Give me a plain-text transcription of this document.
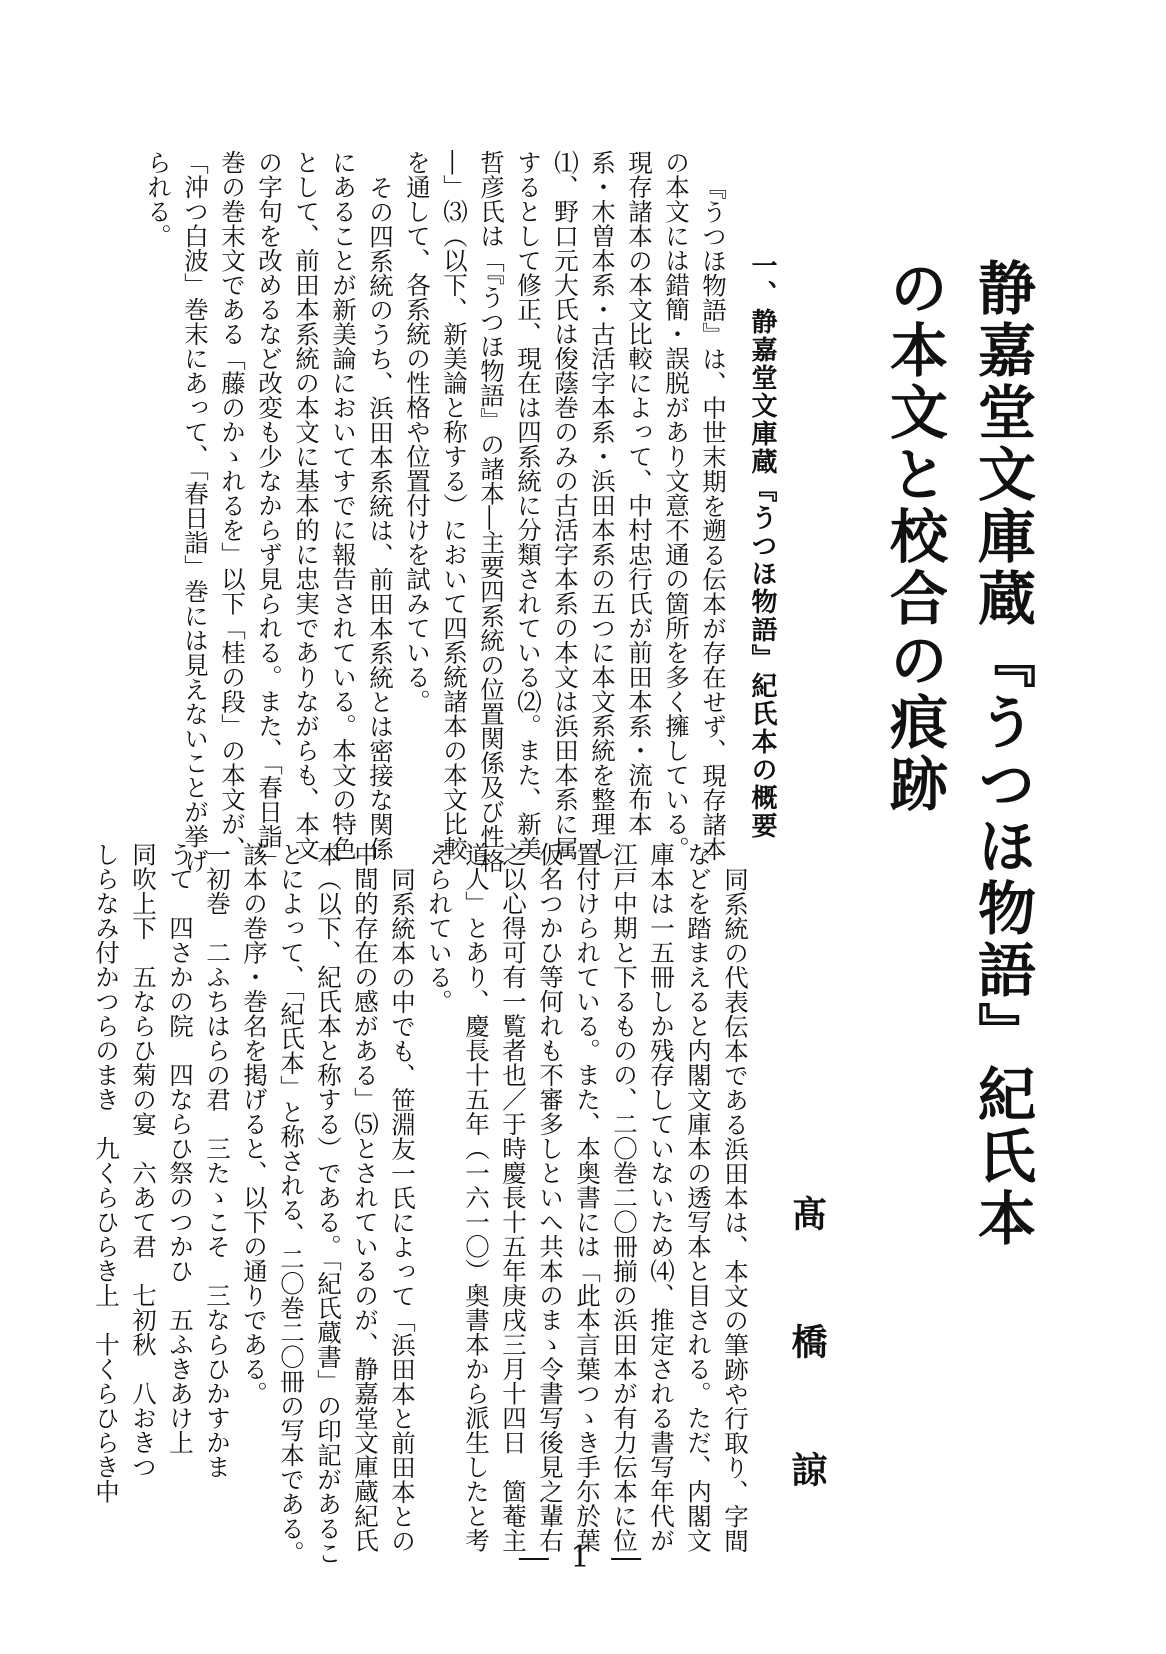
静嘉堂文庫蔵『うつほ物語』紀氏本の本文と校合の痕跡
髙　橋　諒
一、静嘉堂文庫蔵『うつほ物語』紀氏本の概要

『うつほ物語』は、中世末期を遡る伝本が存在せず、現存諸本の本文には錯簡・誤脱があり文意不通の箇所を多く擁している。現存諸本の本文比較によって、中村忠行氏が前田本系・流布本系・木曽本系・古活字本系・浜田本系の五つに本文系統を整理し⑴、野口元大氏は俊蔭巻のみの古活字本系の本文は浜田本系に属するとして修正、現在は四系統に分類されている⑵。また、新美哲彦氏は「『うつほ物語』の諸本―主要四系統の位置関係及び性格―」⑶（以下、新美論と称する）において四系統諸本の本文比較を通して、各系統の性格や位置付けを試みている。

その四系統のうち、浜田本系統は、前田本系統とは密接な関係にあることが新美論においてすでに報告されている。本文の特色として、前田本系統の本文に基本的に忠実でありながらも、本文の字句を改めるなど改変も少なからず見られる。また、「春日詣」巻の巻末文である「藤のかゝれるを」以下「桂の段」の本文が、「沖つ白波」巻末にあって、「春日詣」巻には見えないことが挙げられる。

同系統の代表伝本である浜田本は、本文の筆跡や行取り、字間などを踏まえると内閣文庫本の透写本と目される。ただ、内閣文庫本は一五冊しか残存していないため⑷、推定される書写年代が江戸中期と下るものの、二〇巻二〇冊揃の浜田本が有力伝本に位置付けられている。また、本奥書には「此本言葉つゝき手尓於葉仮名つかひ等何れも不審多しといへ共本のまゝ令書写後見之輩右之以心得可有一覧者也／于時慶長十五年庚戌三月十四日　箇菴主道人」とあり、慶長十五年（一六一〇）奥書本から派生したと考えられている。

同系統本の中でも、笹淵友一氏によって「浜田本と前田本との中間的存在の感がある」⑸とされているのが、静嘉堂文庫蔵紀氏本（以下、紀氏本と称する）である。「紀氏蔵書」の印記があることによって、「紀氏本」と称される、二〇巻二〇冊の写本である。該本の巻序・巻名を掲げると、以下の通りである。

一初巻　二ふちはらの君　三たゝこそ　三ならひかすかま

うて　四さかの院　四ならひ祭のつかひ　五ふきあけ上

同吹上下　五ならひ菊の宴　六あて君　七初秋　八おきつ

しらなみ付かつらのまき　九くらひらき上　十くらひらき中

― 1 ―
